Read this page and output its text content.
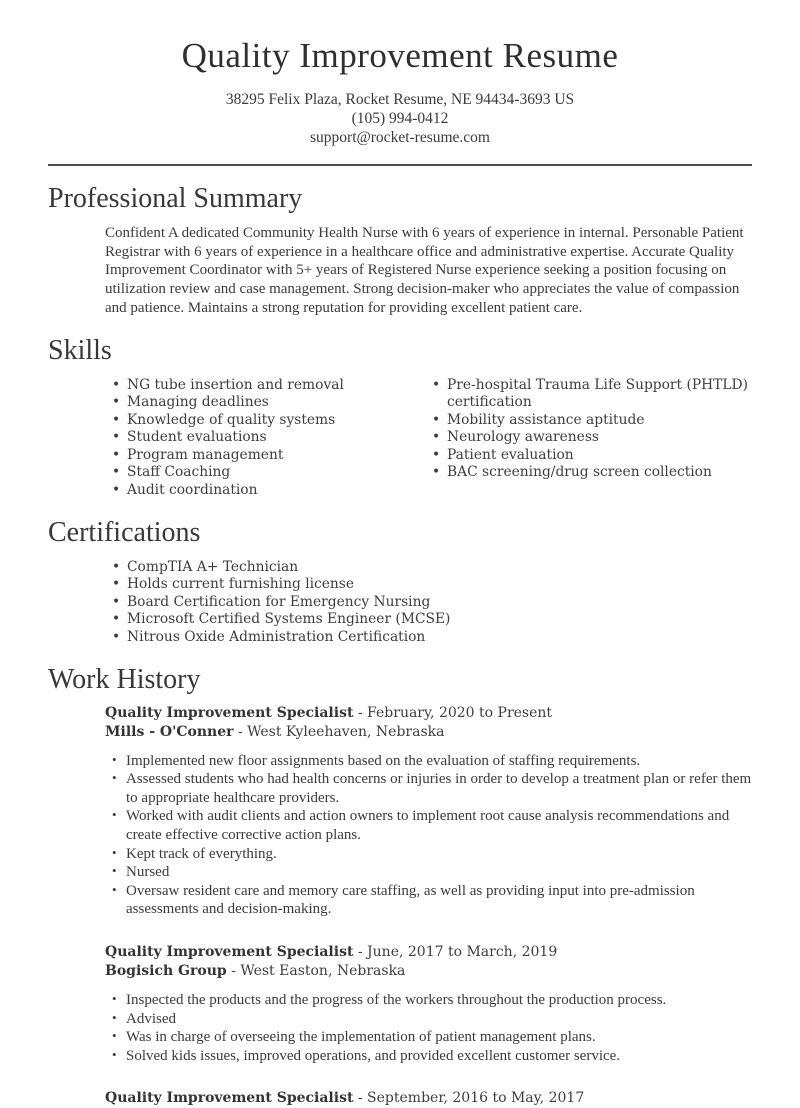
Quality Improvement Resume
38295 Felix Plaza, Rocket Resume, NE 94434-3693 US
(105) 994-0412
support@rocket-resume.com
Professional Summary

Confident A dedicated Community Health Nurse with 6 years of experience in internal. Personable Patient Registrar with 6 years of experience in a healthcare office and administrative expertise. Accurate Quality Improvement Coordinator with 5+ years of Registered Nurse experience seeking a position focusing on utilization review and case management. Strong decision-maker who appreciates the value of compassion and patience. Maintains a strong reputation for providing excellent patient care.

Skills
• NG tube insertion and removal
• Managing deadlines
• Knowledge of quality systems
• Student evaluations
• Program management
• Staff Coaching
• Audit coordination
• Pre-hospital Trauma Life Support (PHTLD) certification
• Mobility assistance aptitude
• Neurology awareness
• Patient evaluation
• BAC screening/drug screen collection
Certifications
• CompTIA A+ Technician
• Holds current furnishing license
• Board Certification for Emergency Nursing
• Microsoft Certified Systems Engineer (MCSE)
• Nitrous Oxide Administration Certification
Work History
Quality Improvement Specialist - February, 2020 to Present
Mills - O'Conner - West Kyleehaven, Nebraska
• Implemented new floor assignments based on the evaluation of staffing requirements.
• Assessed students who had health concerns or injuries in order to develop a treatment plan or refer them to appropriate healthcare providers.
• Worked with audit clients and action owners to implement root cause analysis recommendations and create effective corrective action plans.
• Kept track of everything.
• Nursed
• Oversaw resident care and memory care staffing, as well as providing input into pre-admission assessments and decision-making.
Quality Improvement Specialist - June, 2017 to March, 2019
Bogisich Group - West Easton, Nebraska
• Inspected the products and the progress of the workers throughout the production process.
• Advised
• Was in charge of overseeing the implementation of patient management plans.
• Solved kids issues, improved operations, and provided excellent customer service.
Quality Improvement Specialist - September, 2016 to May, 2017
